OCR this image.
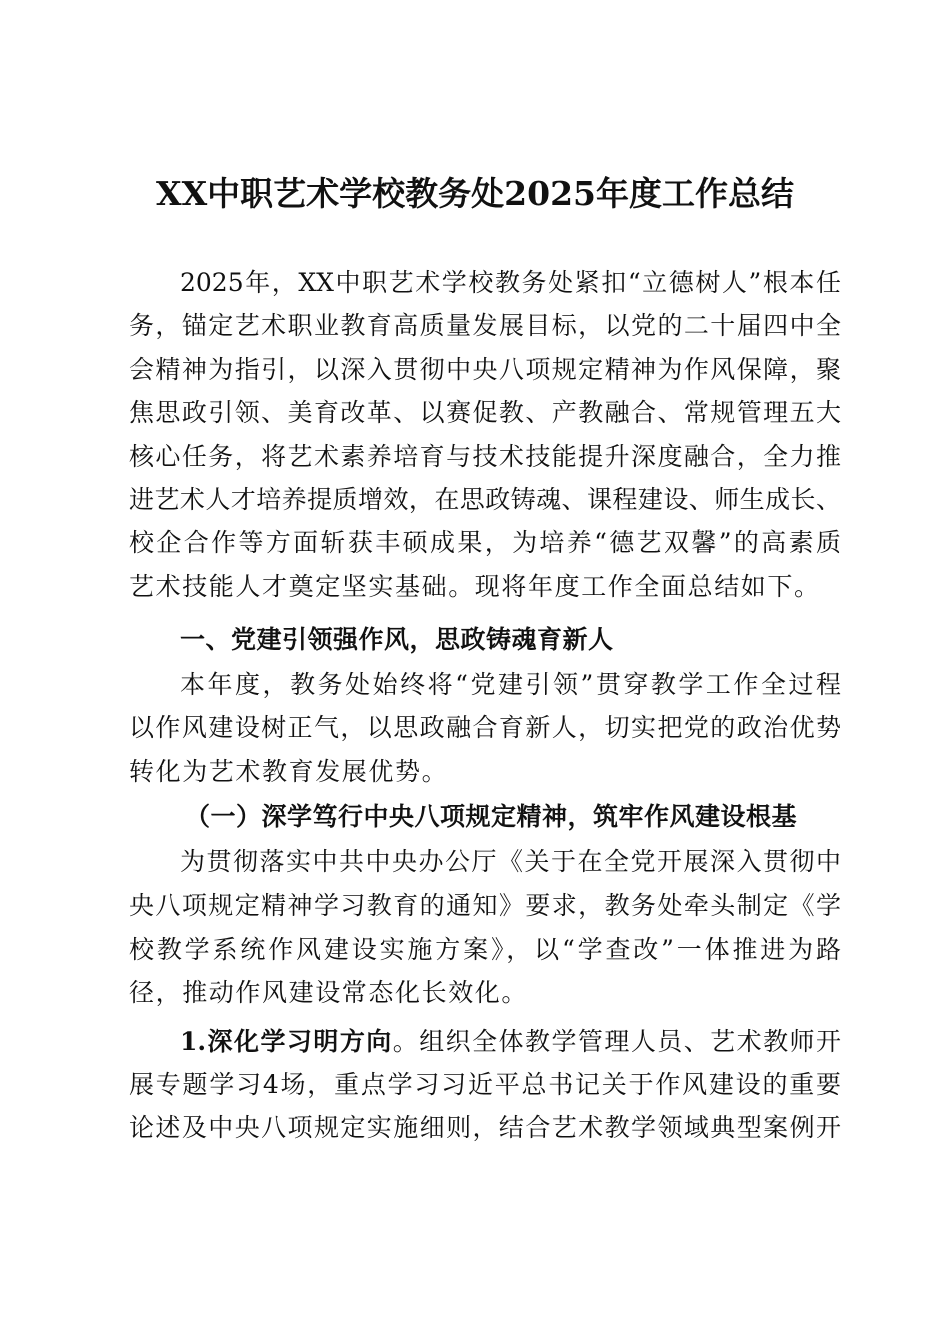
XX中职艺术学校教务处2025年度工作总结
2025年，XX中职艺术学校教务处紧扣“立德树人”根本任
务，锚定艺术职业教育高质量发展目标，以党的二十届四中全
会精神为指引，以深入贯彻中央八项规定精神为作风保障，聚
焦思政引领、美育改革、以赛促教、产教融合、常规管理五大
核心任务，将艺术素养培育与技术技能提升深度融合，全力推
进艺术人才培养提质增效，在思政铸魂、课程建设、师生成长、
校企合作等方面斩获丰硕成果，为培养“德艺双馨”的高素质
艺术技能人才奠定坚实基础。现将年度工作全面总结如下。
一、党建引领强作风，思政铸魂育新人
本年度，教务处始终将“党建引领”贯穿教学工作全过程
以作风建设树正气，以思政融合育新人，切实把党的政治优势
转化为艺术教育发展优势。
（一）深学笃行中央八项规定精神，筑牢作风建设根基
为贯彻落实中共中央办公厅《关于在全党开展深入贯彻中
央八项规定精神学习教育的通知》要求，教务处牵头制定《学
校教学系统作风建设实施方案》，以“学查改”一体推进为路
径，推动作风建设常态化长效化。
1.深化学习明方向。组织全体教学管理人员、艺术教师开
展专题学习4场，重点学习习近平总书记关于作风建设的重要
论述及中央八项规定实施细则，结合艺术教学领域典型案例开
